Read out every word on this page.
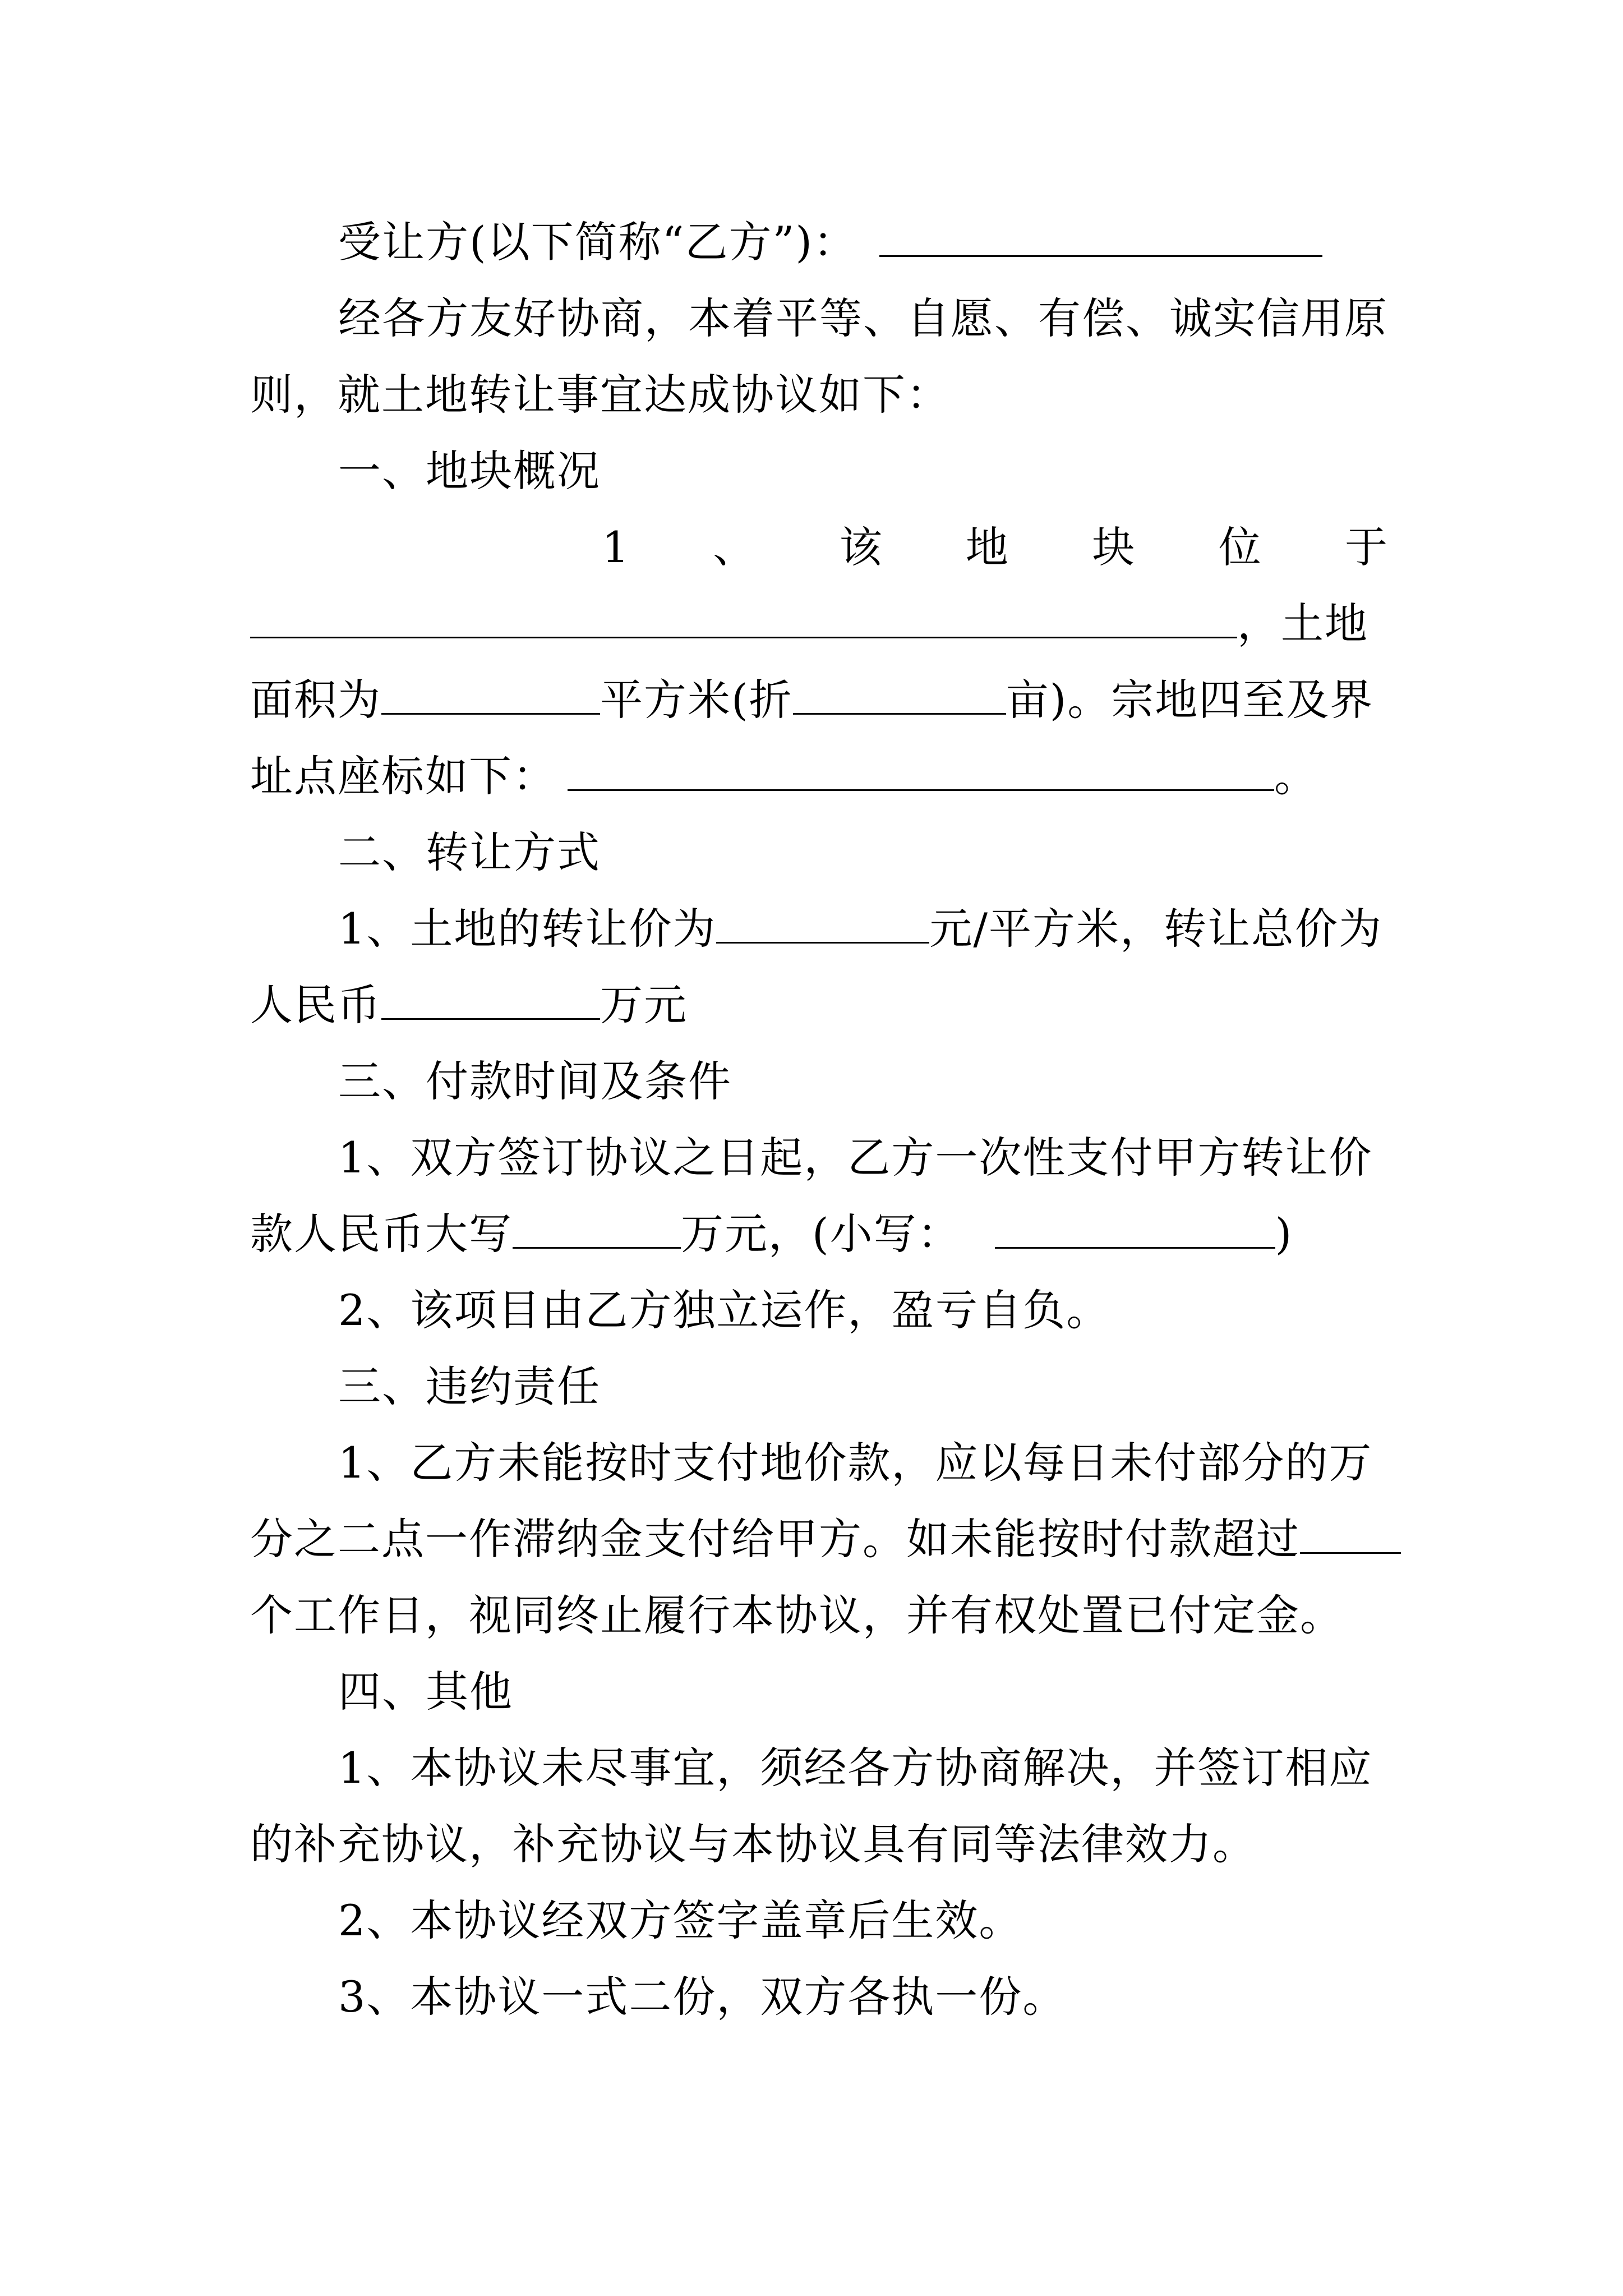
受让方(以下简称“乙方”)：
经各方友好协商，本着平等、自愿、有偿、诚实信用原
则，就土地转让事宜达成协议如下：
一、地块概况
1 、 该 地 块 位 于
，土地
面积为	平方米(折	亩)。宗地四至及界
址点座标如下：	。
二、转让方式
1、土地的转让价为	元/平方米，转让总价为
人民币	万元
三、付款时间及条件
1、双方签订协议之日起，乙方一次性支付甲方转让价
款人民币大写	万元，(小写：	)
2、该项目由乙方独立运作，盈亏自负。
三、违约责任
1、乙方未能按时支付地价款，应以每日未付部分的万
分之二点一作滞纳金支付给甲方。如未能按时付款超过
个工作日，视同终止履行本协议，并有权处置已付定金。
四、其他
1、本协议未尽事宜，须经各方协商解决，并签订相应
的补充协议，补充协议与本协议具有同等法律效力。
2、本协议经双方签字盖章后生效。
3、本协议一式二份，双方各执一份。
